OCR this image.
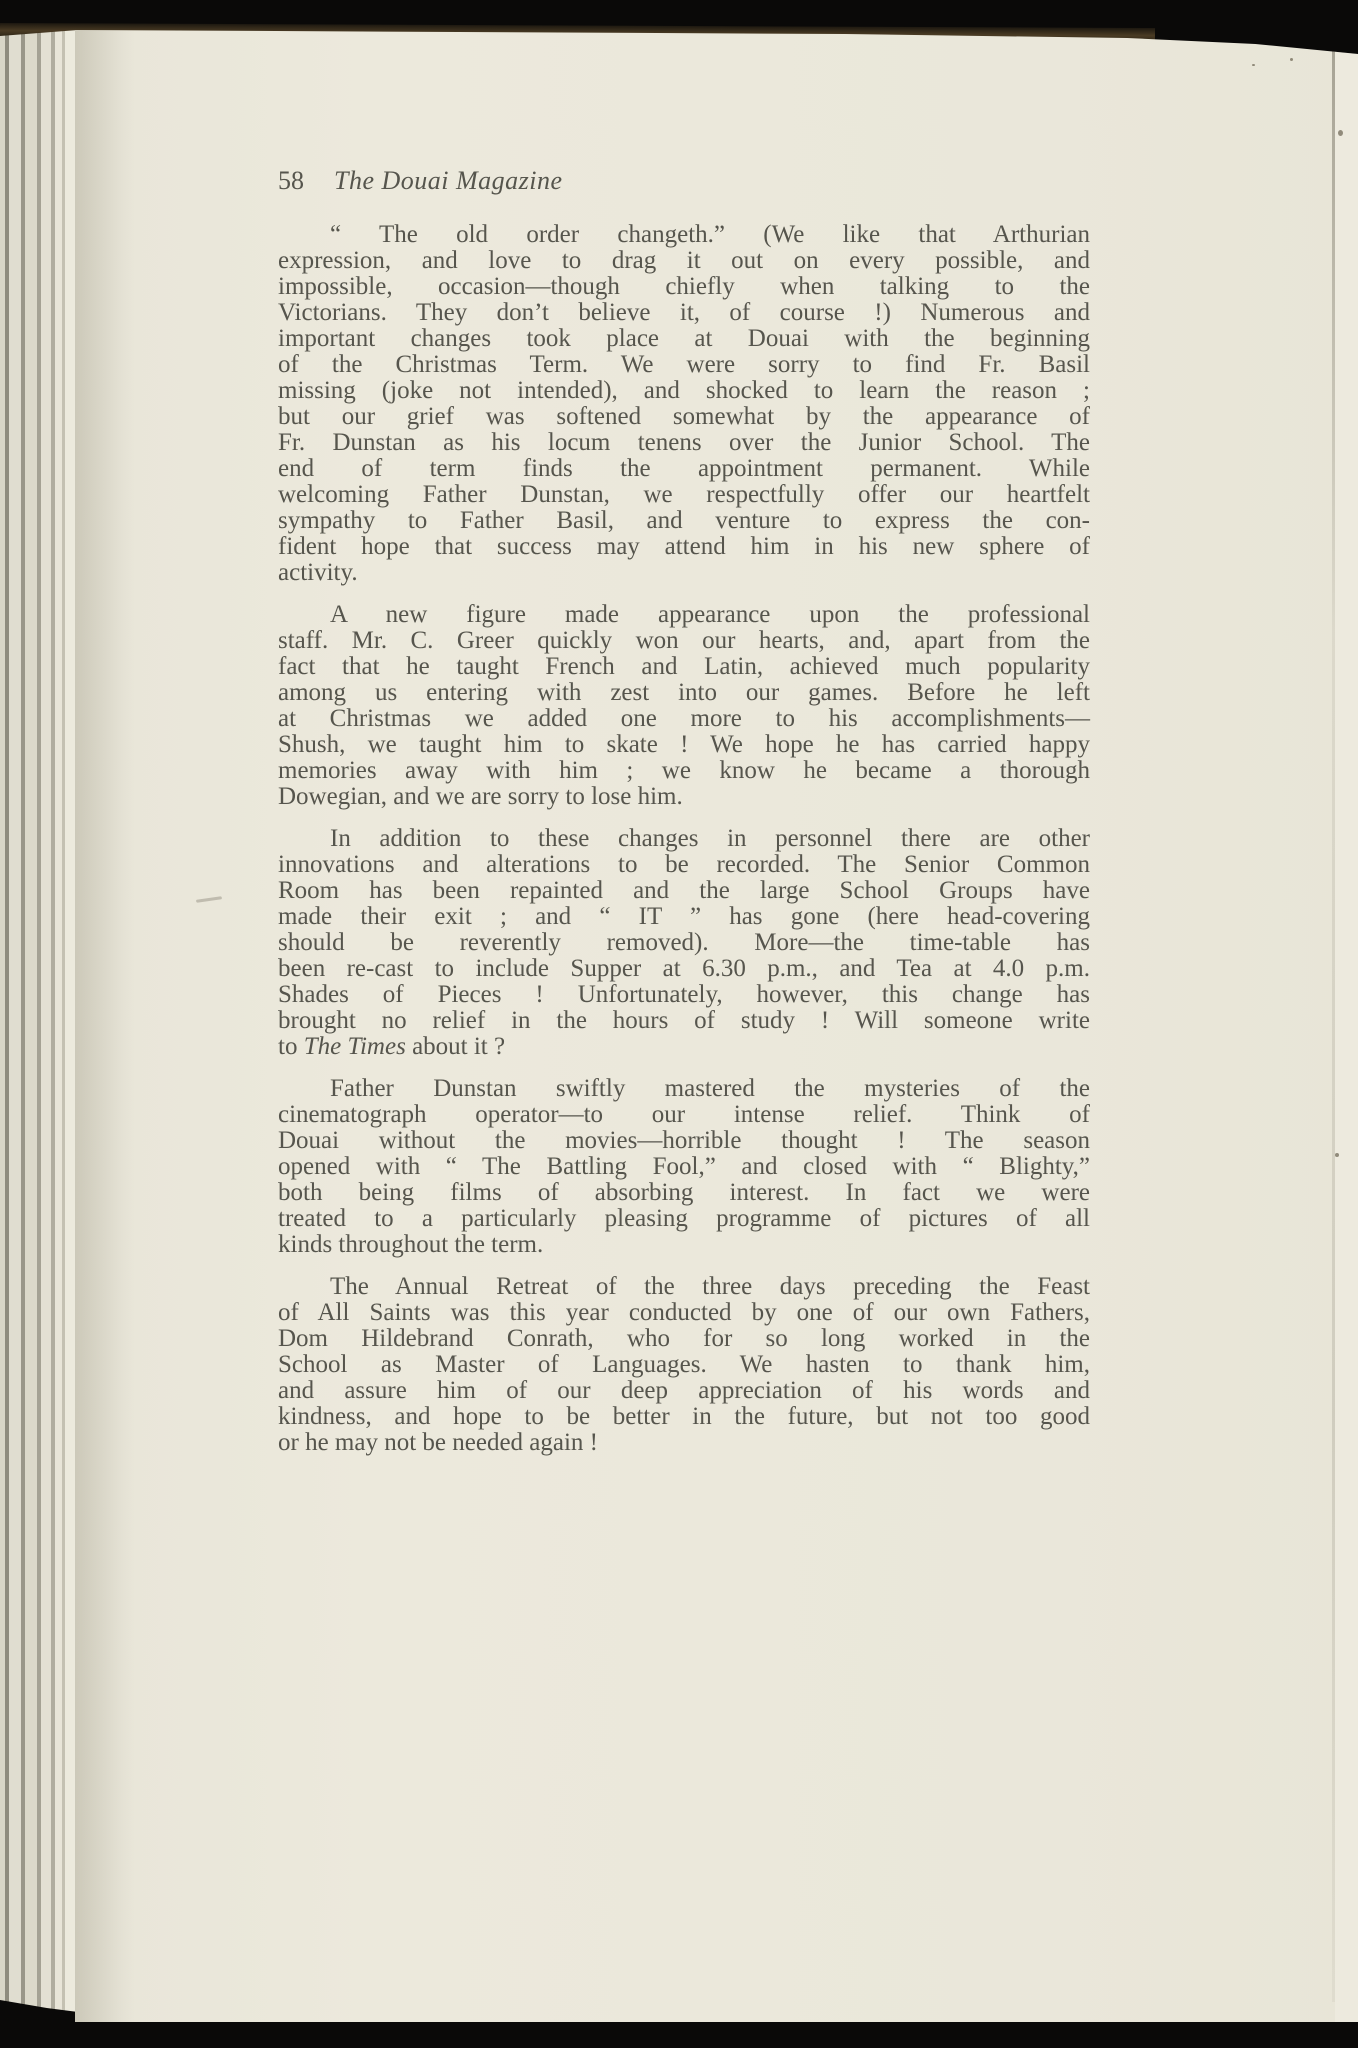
58 The Douai Magazine
“ The old order changeth.” (We like that Arthurian
expression, and love to drag it out on every possible, and
impossible, occasion—though chiefly when talking to the
Victorians. They don’t believe it, of course !) Numerous and
important changes took place at Douai with the beginning
of the Christmas Term. We were sorry to find Fr. Basil
missing (joke not intended), and shocked to learn the reason ;
but our grief was softened somewhat by the appearance of
Fr. Dunstan as his locum tenens over the Junior School. The
end of term finds the appointment permanent. While
welcoming Father Dunstan, we respectfully offer our heartfelt
sympathy to Father Basil, and venture to express the con-
fident hope that success may attend him in his new sphere of
activity.
A new figure made appearance upon the professional
staff. Mr. C. Greer quickly won our hearts, and, apart from the
fact that he taught French and Latin, achieved much popularity
among us entering with zest into our games. Before he left
at Christmas we added one more to his accomplishments—
Shush, we taught him to skate ! We hope he has carried happy
memories away with him ; we know he became a thorough
Dowegian, and we are sorry to lose him.
In addition to these changes in personnel there are other
innovations and alterations to be recorded. The Senior Common
Room has been repainted and the large School Groups have
made their exit ; and “ IT ” has gone (here head-covering
should be reverently removed). More—the time-table has
been re-cast to include Supper at 6.30 p.m., and Tea at 4.0 p.m.
Shades of Pieces ! Unfortunately, however, this change has
brought no relief in the hours of study ! Will someone write
to The Times about it ?
Father Dunstan swiftly mastered the mysteries of the
cinematograph operator—to our intense relief. Think of
Douai without the movies—horrible thought ! The season
opened with “ The Battling Fool,” and closed with “ Blighty,”
both being films of absorbing interest. In fact we were
treated to a particularly pleasing programme of pictures of all
kinds throughout the term.
The Annual Retreat of the three days preceding the Feast
of All Saints was this year conducted by one of our own Fathers,
Dom Hildebrand Conrath, who for so long worked in the
School as Master of Languages. We hasten to thank him,
and assure him of our deep appreciation of his words and
kindness, and hope to be better in the future, but not too good
or he may not be needed again !
